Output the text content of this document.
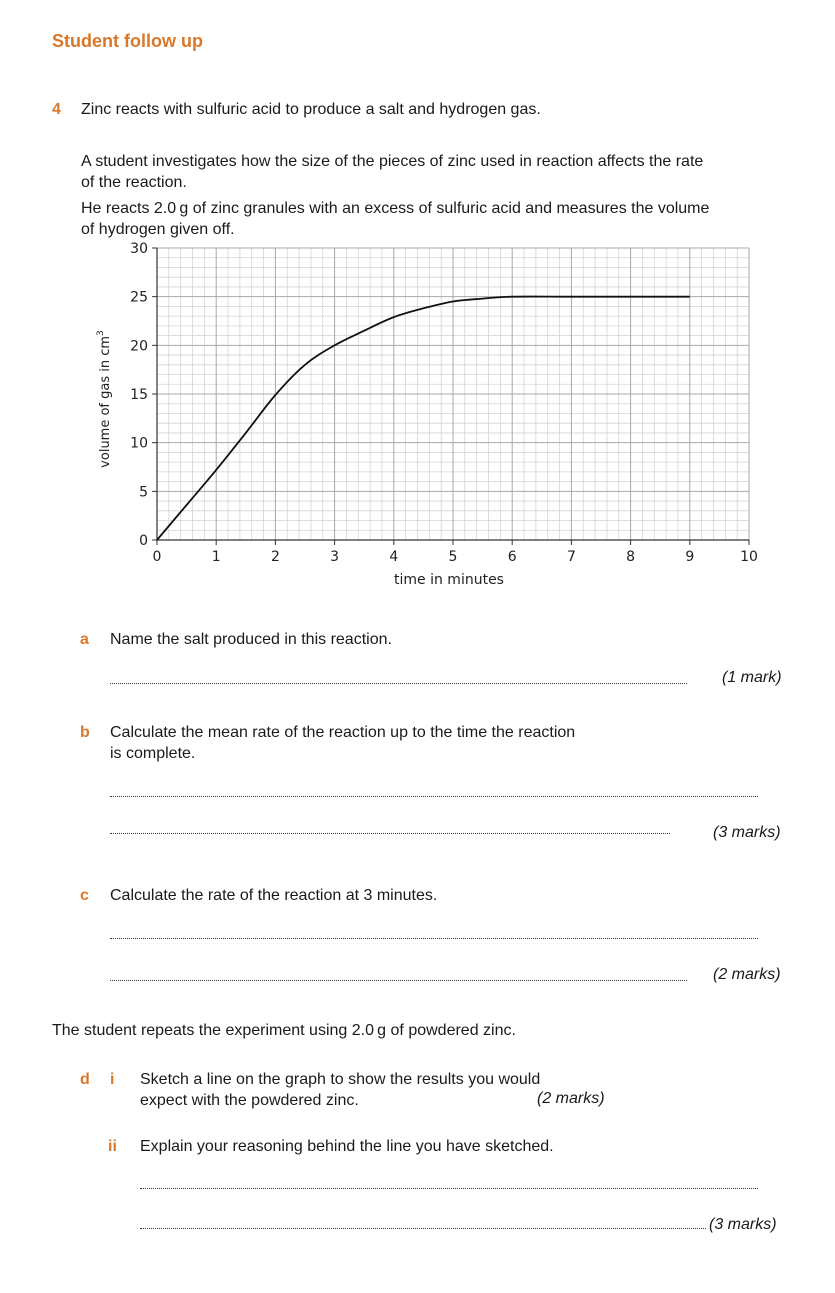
Student follow up
4 Zinc reacts with sulfuric acid to produce a salt and hydrogen gas.
A student investigates how the size of the pieces of zinc used in reaction affects the rate
of the reaction.
He reacts 2.0 g of zinc granules with an excess of sulfuric acid and measures the volume
of hydrogen given off.
0	1	2	3	4	5	6	7	8	9	10
0
5
10
15
20
25
30
time in minutes
volume of gas in $cm^3$
a Name the salt produced in this reaction.
(1 mark)
b Calculate the mean rate of the reaction up to the time the reaction
is complete.
(3 marks)
c Calculate the rate of the reaction at 3 minutes.
(2 marks)
The student repeats the experiment using 2.0 g of powdered zinc.
d i Sketch a line on the graph to show the results you would
expect with the powdered zinc.	(2 marks)
ii Explain your reasoning behind the line you have sketched.
(3 marks)
